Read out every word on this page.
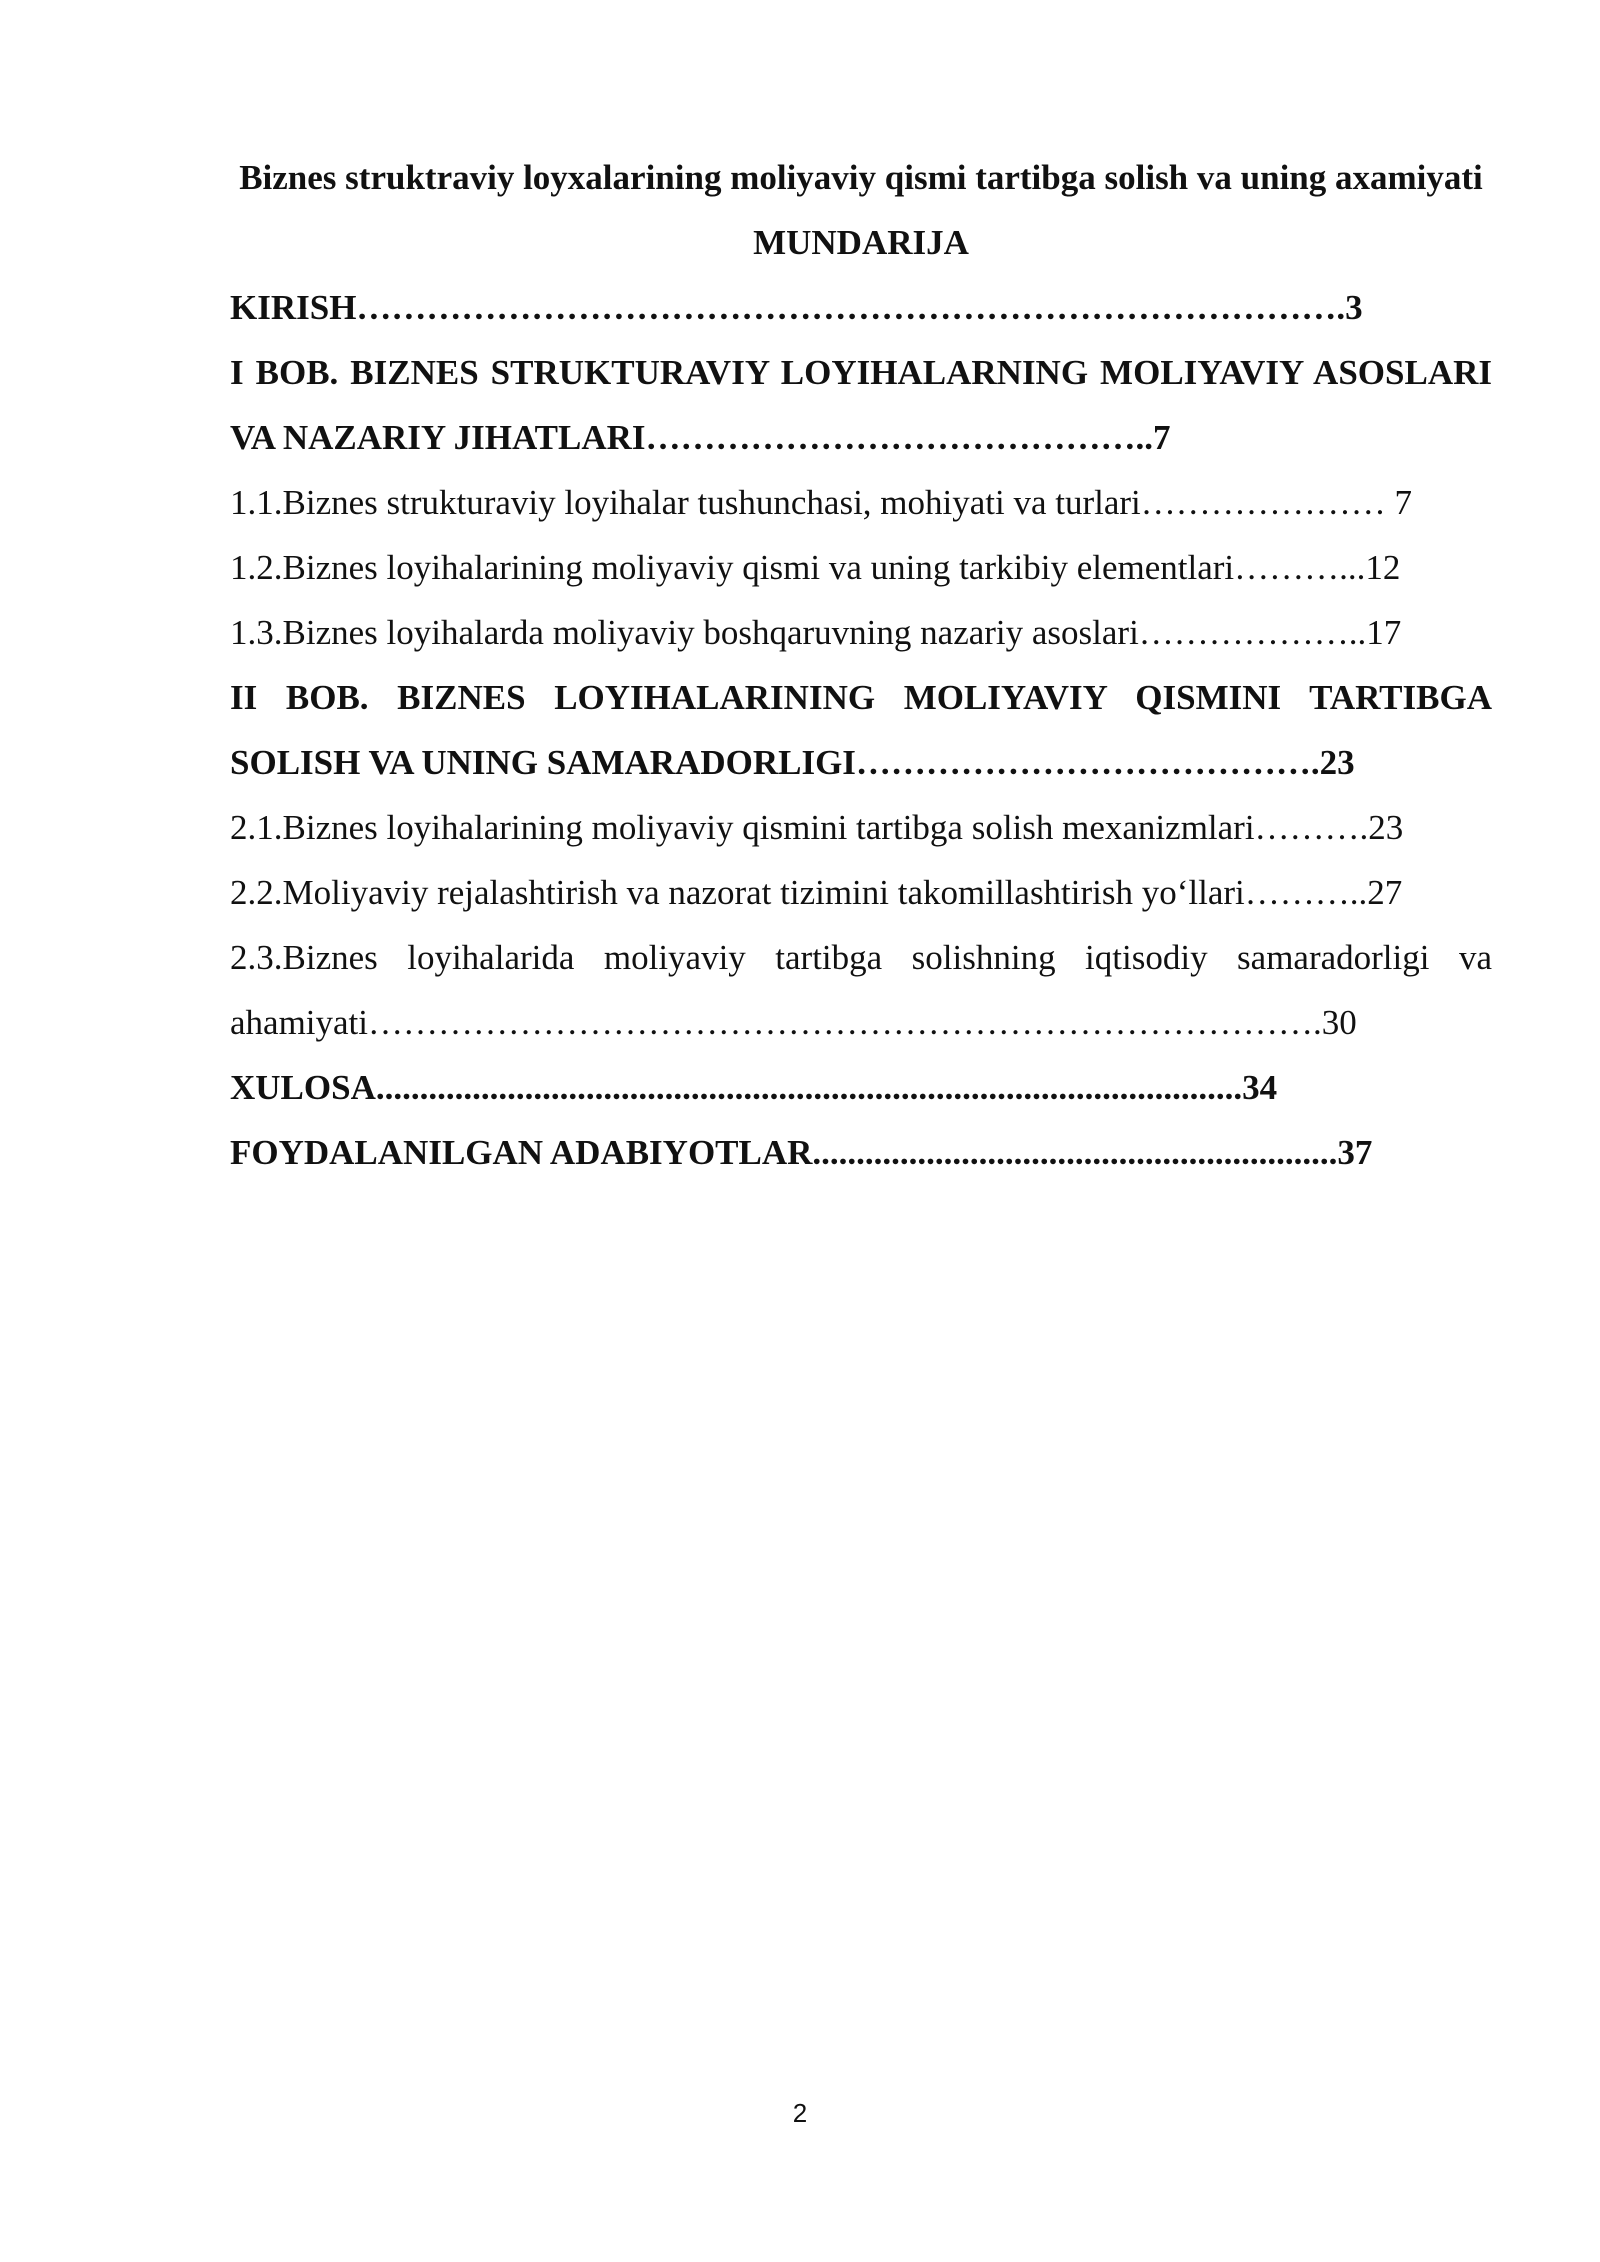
Biznes struktraviy loyxalarining moliyaviy qismi tartibga solish va uning axamiyati

MUNDARIJA

KIRISH………………………………………………………………………….3

I BOB. BIZNES STRUKTURAVIY LOYIHALARNING MOLIYAVIY ASOSLARI VA NAZARIY JIHATLARI……………………………………..7

1.1.Biznes strukturaviy loyihalar tushunchasi, mohiyati va turlari………………… 7

1.2.Biznes loyihalarining moliyaviy qismi va uning tarkibiy elementlari………...12

1.3.Biznes loyihalarda moliyaviy boshqaruvning nazariy asoslari………………..17

II BOB. BIZNES LOYIHALARINING MOLIYAVIY QISMINI TARTIBGA SOLISH VA UNING SAMARADORLIGI………………………………….23

2.1.Biznes loyihalarining moliyaviy qismini tartibga solish mexanizmlari……….23

2.2.Moliyaviy rejalashtirish va nazorat tizimini takomillashtirish yo‘llari………..27

2.3.Biznes loyihalarida moliyaviy tartibga solishning iqtisodiy samaradorligi va ahamiyati……………………………………………………………………….30

XULOSA...................................................................................................34

FOYDALANILGAN ADABIYOTLAR............................................................37

2
